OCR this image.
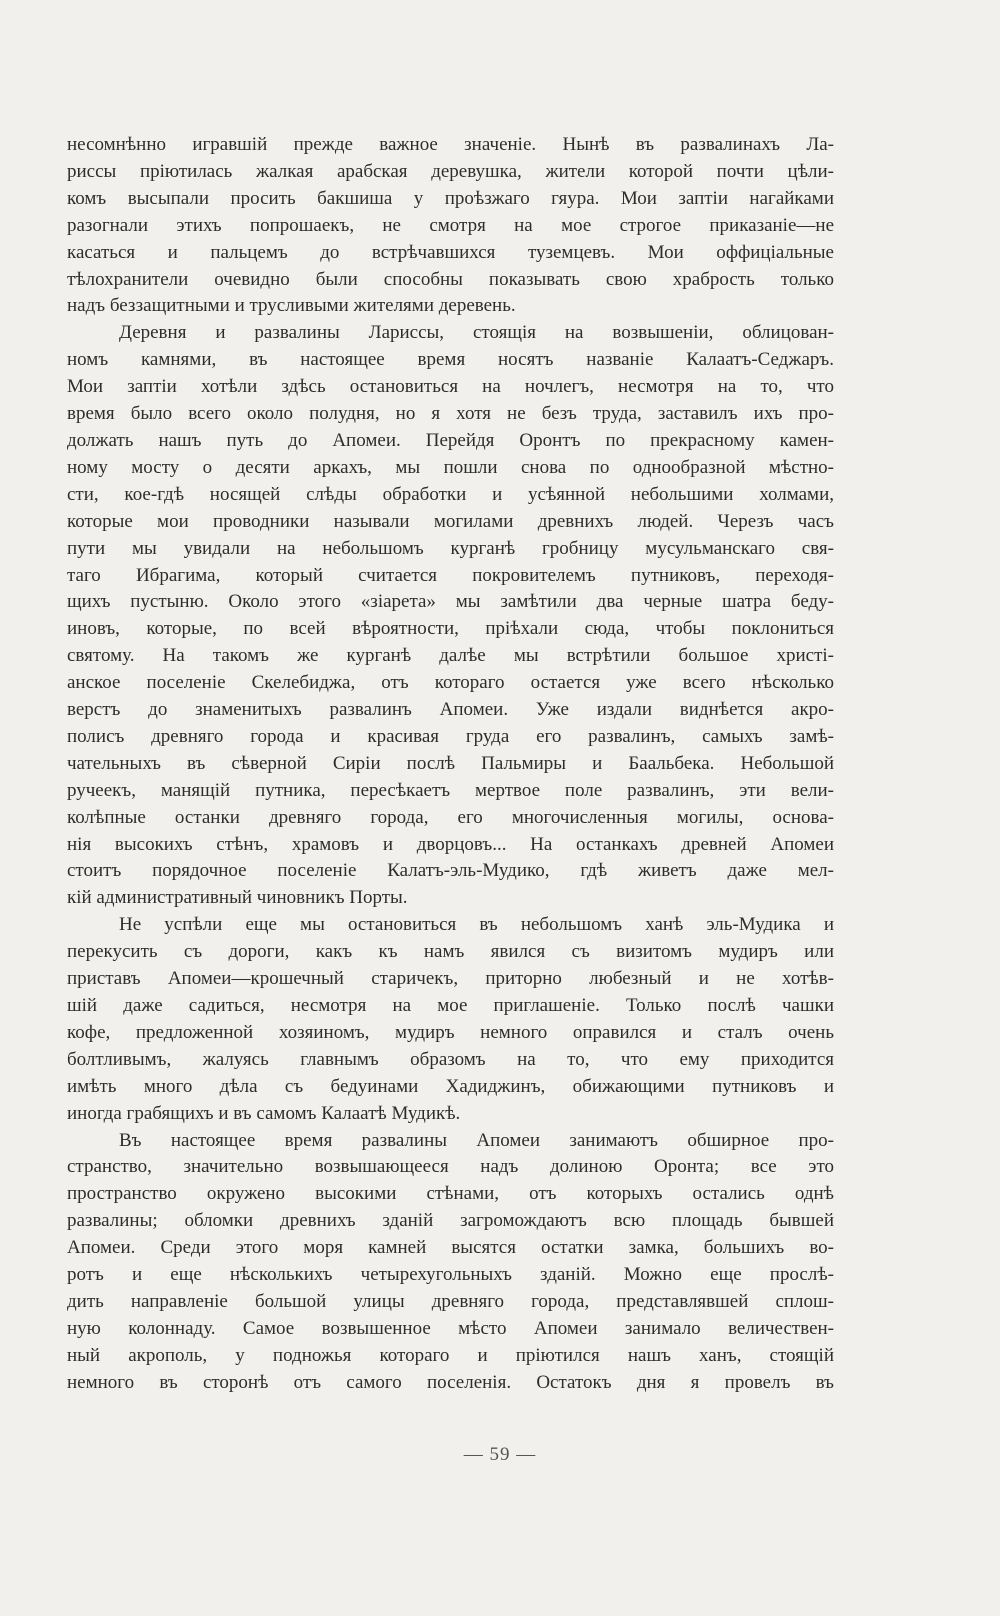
несомнѣнно игравшій прежде важное значеніе. Нынѣ въ развалинахъ Ла-
риссы пріютилась жалкая арабская деревушка, жители которой почти цѣли-
комъ высыпали просить бакшиша у проѣзжаго гяура. Мои заптіи нагайками
разогнали этихъ попрошаекъ, не смотря на мое строгое приказаніе—не
касаться и пальцемъ до встрѣчавшихся туземцевъ. Мои оффиціальные
тѣлохранители очевидно были способны показывать свою храбрость только
надъ беззащитными и трусливыми жителями деревень.
Деревня и развалины Ларисcы, стоящія на возвышеніи, облицован-
номъ камнями, въ настоящее время носятъ названіе Калаатъ-Седжаръ.
Мои заптіи хотѣли здѣсь остановиться на ночлегъ, несмотря на то, что
время было всего около полудня, но я хотя не безъ труда, заставилъ ихъ про-
должать нашъ путь до Апомеи. Перейдя Оронтъ по прекрасному камен-
ному мосту о десяти аркахъ, мы пошли снова по однообразной мѣстно-
сти, кое-гдѣ носящей слѣды обработки и усѣянной небольшими холмами,
которые мои проводники называли могилами древнихъ людей. Черезъ часъ
пути мы увидали на небольшомъ курганѣ гробницу мусульманскаго свя-
таго Ибрагима, который считается покровителемъ путниковъ, переходя-
щихъ пустыню. Около этого «зіарета» мы замѣтили два черные шатра беду-
иновъ, которые, по всей вѣроятности, пріѣхали сюда, чтобы поклониться
святому. На такомъ же курганѣ далѣе мы встрѣтили большое христі-
анское поселеніе Скелебиджа, отъ котораго остается уже всего нѣсколько
верстъ до знаменитыхъ развалинъ Апомеи. Уже издали виднѣется акро-
полисъ древняго города и красивая груда его развалинъ, самыхъ замѣ-
чательныхъ въ сѣверной Сиріи послѣ Пальмиры и Баальбека. Небольшой
ручеекъ, манящій путника, пересѣкаетъ мертвое поле развалинъ, эти вели-
колѣпные останки древняго города, его многочисленныя могилы, основа-
нія высокихъ стѣнъ, храмовъ и дворцовъ... На останкахъ древней Апомеи
стоитъ порядочное поселеніе Калатъ-эль-Мудико, гдѣ живетъ даже мел-
кій административный чиновникъ Порты.
Не успѣли еще мы остановиться въ небольшомъ ханѣ эль-Мудика и
перекусить съ дороги, какъ къ намъ явился съ визитомъ мудиръ или
приставъ Апомеи—крошечный старичекъ, приторно любезный и не хотѣв-
шій даже садиться, несмотря на мое приглашеніе. Только послѣ чашки
кофе, предложенной хозяиномъ, мудиръ немного оправился и сталъ очень
болтливымъ, жалуясь главнымъ образомъ на то, что ему приходится
имѣть много дѣла съ бедуинами Хадиджинъ, обижающими путниковъ и
иногда грабящихъ и въ самомъ Калаатѣ Мудикѣ.
Въ настоящее время развалины Апомеи занимаютъ обширное про-
странство, значительно возвышающееся надъ долиною Оронта; все это
пространство окружено высокими стѣнами, отъ которыхъ остались однѣ
развалины; обломки древнихъ зданій загромождаютъ всю площадь бывшей
Апомеи. Среди этого моря камней высятся остатки замка, большихъ во-
ротъ и еще нѣсколькихъ четырехугольныхъ зданій. Можно еще прослѣ-
дить направленіе большой улицы древняго города, представлявшей сплош-
ную колоннаду. Самое возвышенное мѣсто Апомеи занимало величествен-
ный акрополь, у подножья котораго и пріютился нашъ ханъ, стоящій
немного въ сторонѣ отъ самого поселенія. Остатокъ дня я провелъ въ
— 59 —
